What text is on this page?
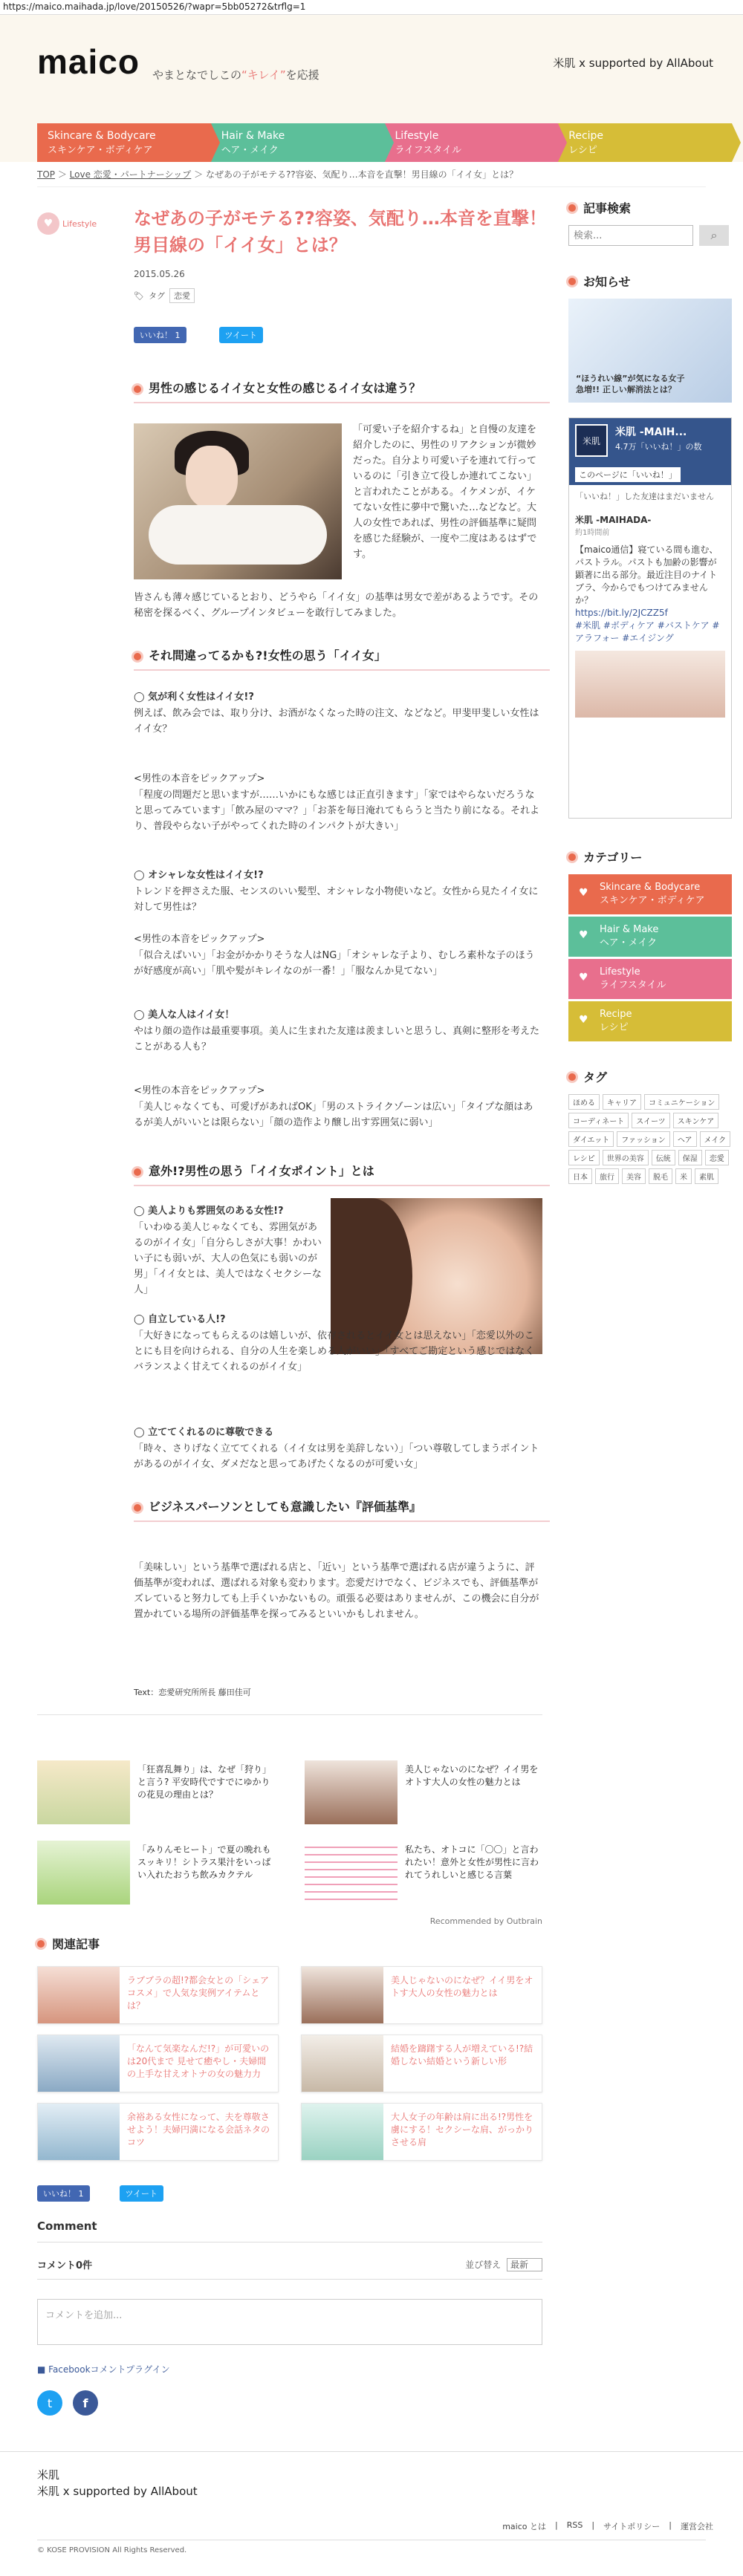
https://maico.maihada.jp/love/20150526/?wapr=5bb05272&trflg=1
maico やまとなでしこの“キレイ”を応援
米肌 x supported by AllAbout
Skincare & Bodycare
スキンケア・ボディケア
Hair & Make
ヘア・メイク
Lifestyle
ライフスタイル
Recipe
レシピ
TOP ＞ Love 恋愛・パートナーシップ ＞ なぜあの子がモテる??容姿、気配り…本音を直撃！男目線の「イイ女」とは？
♥	Lifestyle なぜあの子がモテる??容姿、気配り…本音を直撃！男目線の「イイ女」とは？
2015.05.26
🏷 タグ	恋愛
いいね！ 1	ツイート
男性の感じるイイ女と女性の感じるイイ女は違う？
「可愛い子を紹介するね」と自慢の友達を紹介したのに、男性のリアクションが微妙だった。自分より可愛い子を連れて行っているのに「引き立て役しか連れてこない」と言われたことがある。イケメンが、イケてない女性に夢中で驚いた…などなど。大人の女性であれば、男性の評価基準に疑問を感じた経験が、一度や二度はあるはずです。
皆さんも薄々感じているとおり、どうやら「イイ女」の基準は男女で差があるようです。その秘密を探るべく、グループインタビューを敢行してみました。
それ間違ってるかも?!女性の思う「イイ女」
◯ 気が利く女性はイイ女!?
例えば、飲み会では、取り分け、お酒がなくなった時の注文、などなど。甲斐甲斐しい女性はイイ女？
<男性の本音をピックアップ>
「程度の問題だと思いますが……いかにもな感じは正直引きます」「家ではやらないだろうなと思ってみています」「飲み屋のママ？」「お茶を毎日淹れてもらうと当たり前になる。それより、普段やらない子がやってくれた時のインパクトが大きい」
◯ オシャレな女性はイイ女!?
トレンドを押さえた服、センスのいい髪型、オシャレな小物使いなど。女性から見たイイ女に対して男性は？
<男性の本音をピックアップ>
「似合えばいい」「お金がかかりそうな人はNG」「オシャレな子より、むしろ素朴な子のほうが好感度が高い」「肌や髪がキレイなのが一番！」「服なんか見てない」
◯ 美人な人はイイ女！
やはり顔の造作は最重要事項。美人に生まれた友達は羨ましいと思うし、真剣に整形を考えたことがある人も？
<男性の本音をピックアップ>
「美人じゃなくても、可愛げがあればOK」「男のストライクゾーンは広い」「タイプな顔はあるが美人がいいとは限らない」「顔の造作より醸し出す雰囲気に弱い」
意外!?男性の思う「イイ女ポイント」とは
◯ 美人よりも雰囲気のある女性!?
「いわゆる美人じゃなくても、雰囲気があるのがイイ女」「自分らしさが大事！かわいい子にも弱いが、大人の色気にも弱いのが男」「イイ女とは、美人ではなくセクシーな人」
◯ 自立している人!?
「大好きになってもらえるのは嬉しいが、依存されるとイイ女とは思えない」「恋愛以外のことにも目を向けられる、自分の人生を楽しめる人がいい」「すべてご勘定という感じではなくバランスよく甘えてくれるのがイイ女」
◯ 立ててくれるのに尊敬できる
「時々、さりげなく立ててくれる（イイ女は男を美辞しない）」「つい尊敬してしまうポイントがあるのがイイ女、ダメだなと思ってあげたくなるのが可愛い女」
ビジネスパーソンとしても意識したい『評価基準』
「美味しい」という基準で選ばれる店と、「近い」という基準で選ばれる店が違うように、評価基準が変われば、選ばれる対象も変わります。恋愛だけでなく、ビジネスでも、評価基準がズレていると努力しても上手くいかないもの。頑張る必要はありませんが、この機会に自分が置かれている場所の評価基準を探ってみるといいかもしれません。
Text：恋愛研究所所長 藤田佳可
「狂喜乱舞り」は、なぜ「狩り」と言う? 平安時代ですでにゆかりの花見の理由とは？
美人じゃないのになぜ？イイ男をオトす大人の女性の魅力とは
「みりんモヒート」で夏の晩れもスッキリ！シトラス果汁をいっぱい入れたおうち飲みカクテル
私たち、オトコに「〇〇」と言われたい！意外と女性が男性に言われてうれしいと感じる言葉
Recommended by Outbrain
関連記事
ラブブラの超!?都会女との「シェアコスメ」で人気な実例アイテムとは？
美人じゃないのになぜ？イイ男をオトす大人の女性の魅力とは
「なんて気楽なんだ!?」が可愛いのは20代まで 見せて癒やし・夫婦間の上手な甘えオトナの女の魅力力
結婚を躊躇する人が増えている!?結婚しない結婚という新しい形
余裕ある女性になって、夫を尊敬させよう！夫婦円満になる会話ネタのコツ
大人女子の年齢は肩に出る!?男性を虜にする！セクシーな肩、がっかりさせる肩
いいね！ 1	ツイート
Comment
コメント0件	並び替え 最新
コメントを追加...
■ Facebookコメントプラグイン
t	f
記事検索
検索...
⌕
お知らせ
“ほうれい線”が気になる女子
急増!! 正しい解消法とは？
米肌
米肌 -MAIH...
4.7万「いいね！」の数
このページに「いいね！」
「いいね！」した友達はまだいません
米肌 -MAIHADA-
約1時間前
【maico通信】寝ている間も進む、パストラル。パストも加齢の影響が顕著に出る部分。最近注目のナイトブラ、今からでもつけてみませんか？
https://bit.ly/2JCZZ5f
#米肌 #ボディケア #バストケア #アラフォー #エイジング
カテゴリー
♥ Skincare & Bodycare
スキンケア・ボディケア
♥ Hair & Make
ヘア・メイク
♥ Lifestyle
ライフスタイル
♥ Recipe
レシピ
タグ
ほめる	キャリア	コミュニケーション
コーディネート	スイーツ	スキンケア
ダイエット	ファッション	ヘア	メイク
レシピ	世界の美容	伝統	保湿	恋愛
日本	旅行	美容	脱毛	米	素肌
米肌
米肌 x supported by AllAbout
maico とは | RSS | サイトポリシー | 運営会社
© KOSE PROVISION All Rights Reserved.
